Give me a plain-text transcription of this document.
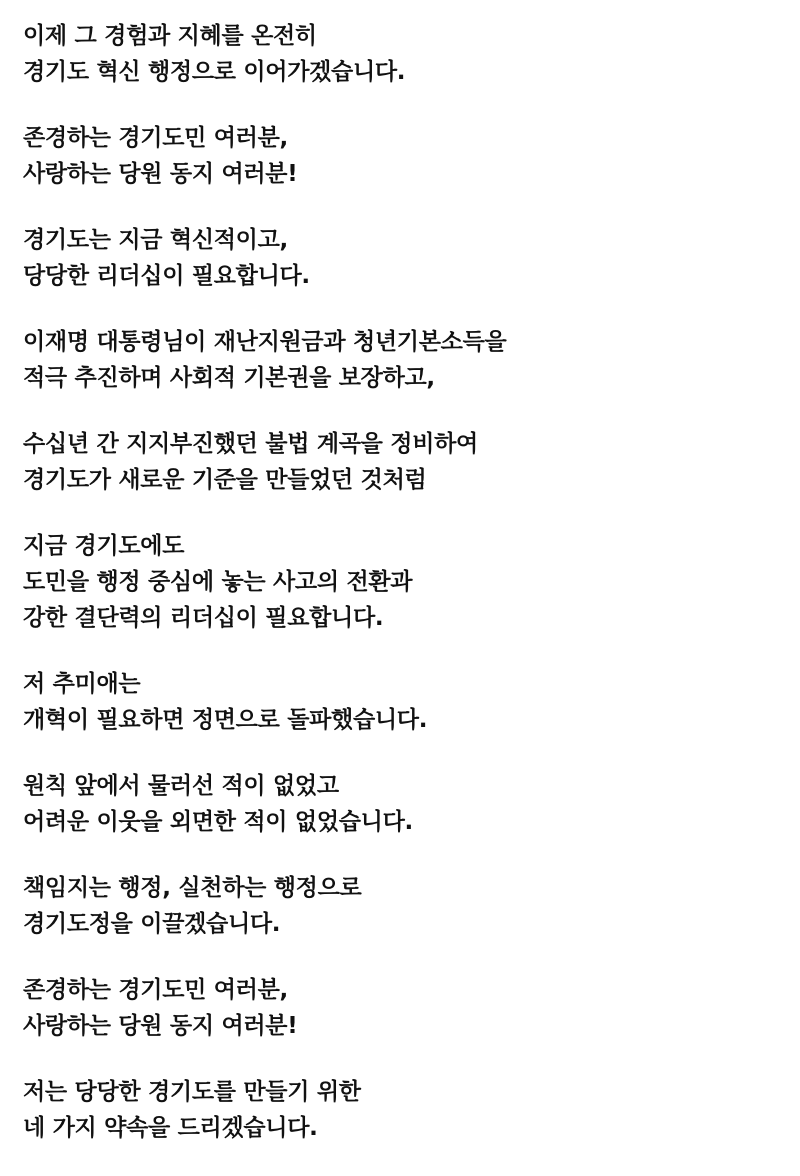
이제 그 경험과 지혜를 온전히
경기도 혁신 행정으로 이어가겠습니다.
존경하는 경기도민 여러분,
사랑하는 당원 동지 여러분!
경기도는 지금 혁신적이고,
당당한 리더십이 필요합니다.
이재명 대통령님이 재난지원금과 청년기본소득을
적극 추진하며 사회적 기본권을 보장하고,
수십년 간 지지부진했던 불법 계곡을 정비하여
경기도가 새로운 기준을 만들었던 것처럼
지금 경기도에도
도민을 행정 중심에 놓는 사고의 전환과
강한 결단력의 리더십이 필요합니다.
저 추미애는
개혁이 필요하면 정면으로 돌파했습니다.
원칙 앞에서 물러선 적이 없었고
어려운 이웃을 외면한 적이 없었습니다.
책임지는 행정, 실천하는 행정으로
경기도정을 이끌겠습니다.
존경하는 경기도민 여러분,
사랑하는 당원 동지 여러분!
저는 당당한 경기도를 만들기 위한
네 가지 약속을 드리겠습니다.
